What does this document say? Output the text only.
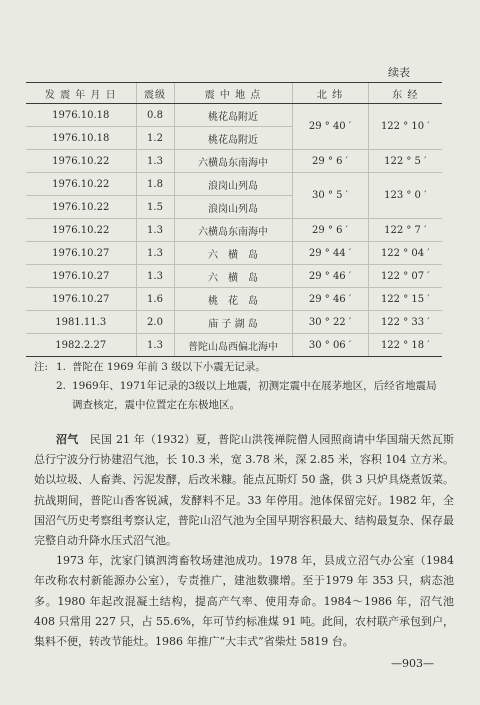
续表
发 震 年 月 日	震级	震 中 地 点	北 纬	东 经
1976.10.18	0.8	桃花岛附近	29 ° 40 ′	122 ° 10 ′
1976.10.18	1.2	桃花岛附近		
1976.10.22	1.3	六横岛东南海中	29 ° 6 ′	122 ° 5 ′
1976.10.22	1.8	浪岗山列岛	30 ° 5 ′	123 ° 0 ′
1976.10.22	1.5	浪岗山列岛		
1976.10.22	1.3	六横岛东南海中	29 ° 6 ′	122 ° 7 ′
1976.10.27	1.3	六　横　岛	29 ° 44 ′	122 ° 04 ′
1976.10.27	1.3	六　横　岛	29 ° 46 ′	122 ° 07 ′
1976.10.27	1.6	桃　花　岛	29 ° 46 ′	122 ° 15 ′
1981.11.3	2.0	庙 子 湖 岛	30 ° 22 ′	122 ° 33 ′
1982.2.27	1.3	普陀山岛西偏北海中	30 ° 06 ′	122 ° 18 ′
注: 1. 普陀在 1969 年前 3 级以下小震无记录。
2. 1969年、1971年记录的3级以上地震，初测定震中在展茅地区，后经省地震局
调查核定，震中位置定在东极地区。

沼气　 民国 21 年（1932）夏，普陀山洪筏禅院僧人园照商请中华国瑞天然瓦斯总行宁波分行协建沼气池，长 10.3 米，宽 3.78 米，深 2.85 米，容积 104 立方米。始以垃圾、人畜粪、污泥发酵，后改米糠。能点瓦斯灯 50 盏，供 3 只炉具烧煮饭菜。抗战期间，普陀山香客锐减，发酵料不足。33 年停用。池体保留完好。1982 年，全国沼气历史考察组考察认定，普陀山沼气池为全国早期容积最大、结构最复杂、保存最完整自动升降水压式沼气池。

1973 年，沈家门镇泗湾畜牧场建池成功。1978 年，县成立沼气办公室（1984 年改称农村新能源办公室），专责推广，建池数骤增。至于1979 年 353 只，病态池多。1980 年起改混凝土结构，提高产气率、使用寿命。1984～1986 年，沼气池 408 只常用 227 只，占 55.6%，年可节约标准煤 91 吨。此间，农村联产承包到户，集料不便，转改节能灶。1986 年推广“大丰式”省柴灶 5819 台。

—903—
